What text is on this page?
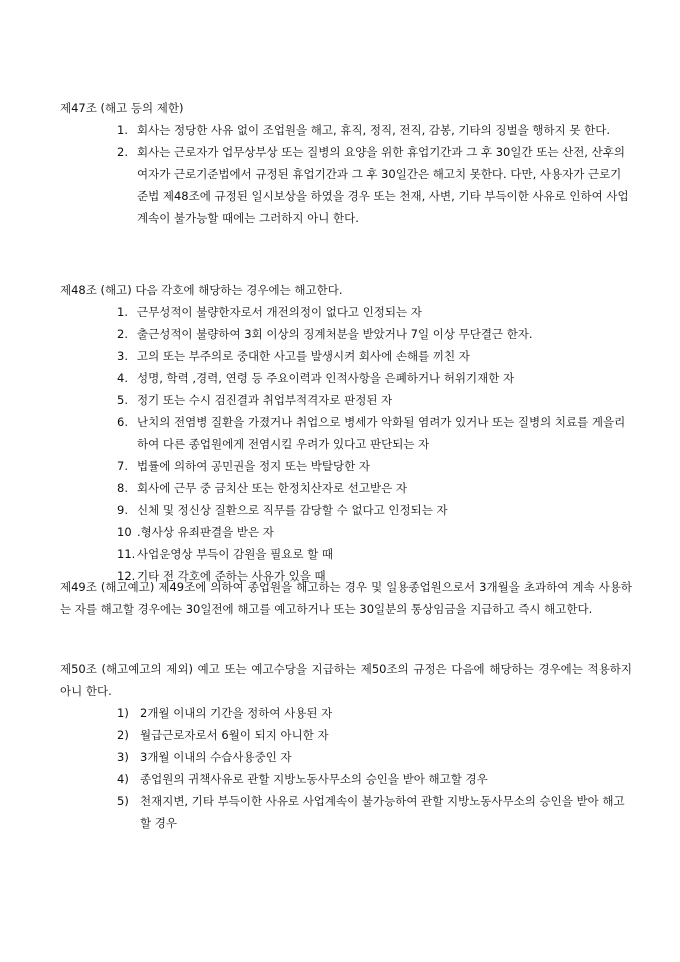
제47조 (해고 등의 제한)
1. 회사는 정당한 사유 없이 조업원을 해고, 휴직, 정직, 전직, 감봉, 기타의 징벌을 행하지 못 한다.
2. 회사는 근로자가 업무상부상 또는 질병의 요양을 위한 휴업기간과 그 후 30일간 또는 산전, 산후의 여자가 근로기준법에서 규정된 휴업기간과 그 후 30일간은 해고치 못한다. 다만, 사용자가 근로기준법 제48조에 규정된 일시보상을 하였을 경우 또는 천재, 사변, 기타 부득이한 사유로 인하여 사업계속이 불가능할 때에는 그러하지 아니 한다.
제48조 (해고) 다음 각호에 해당하는 경우에는 해고한다.
1. 근무성적이 불량한자로서 개전의정이 없다고 인정되는 자
2. 출근성적이 불량하여 3회 이상의 징계처분을 받았거나 7일 이상 무단결근 한자.
3. 고의 또는 부주의로 중대한 사고를 발생시켜 회사에 손해를 끼친 자
4. 성명, 학력 ,경력, 연령 등 주요이력과 인적사항을 은폐하거나 허위기재한 자
5. 정기 또는 수시 검진결과 취업부적격자로 판정된 자
6. 난치의 전염병 질환을 가졌거나 취업으로 병세가 악화될 염려가 있거나 또는 질병의 치료를 게을리 하여 다른 종업원에게 전염시킬 우려가 있다고 판단되는 자
7. 법률에 의하여 공민권을 정지 또는 박탈당한 자
8. 회사에 근무 중 금치산 또는 한정치산자로 선고받은 자
9. 신체 및 정신상 질환으로 직무를 감당할 수 없다고 인정되는 자
10 .형사상 유죄판결을 받은 자
11. 사업운영상 부득이 감원을 필요로 할 때
12. 기타 전 각호에 준하는 사유가 있을 때
제49조 (해고예고) 제49조에 의하여 종업원을 해고하는 경우 및 일용종업원으로서 3개월을 초과하여 계속 사용하는 자를 해고할 경우에는 30일전에 해고를 예고하거나 또는 30일분의 통상임금을 지급하고 즉시 해고한다.
제50조 (해고예고의 제외) 예고 또는 예고수당을 지급하는 제50조의 규정은 다음에 해당하는 경우에는 적용하지 아니 한다.
1) 2개월 이내의 기간을 정하여 사용된 자
2) 월급근로자로서 6월이 되지 아니한 자
3) 3개월 이내의 수습사용중인 자
4) 종업원의 귀책사유로 관할 지방노동사무소의 승인을 받아 해고할 경우
5) 천재지변, 기타 부득이한 사유로 사업계속이 불가능하여 관할 지방노동사무소의 승인을 받아 해고할 경우
